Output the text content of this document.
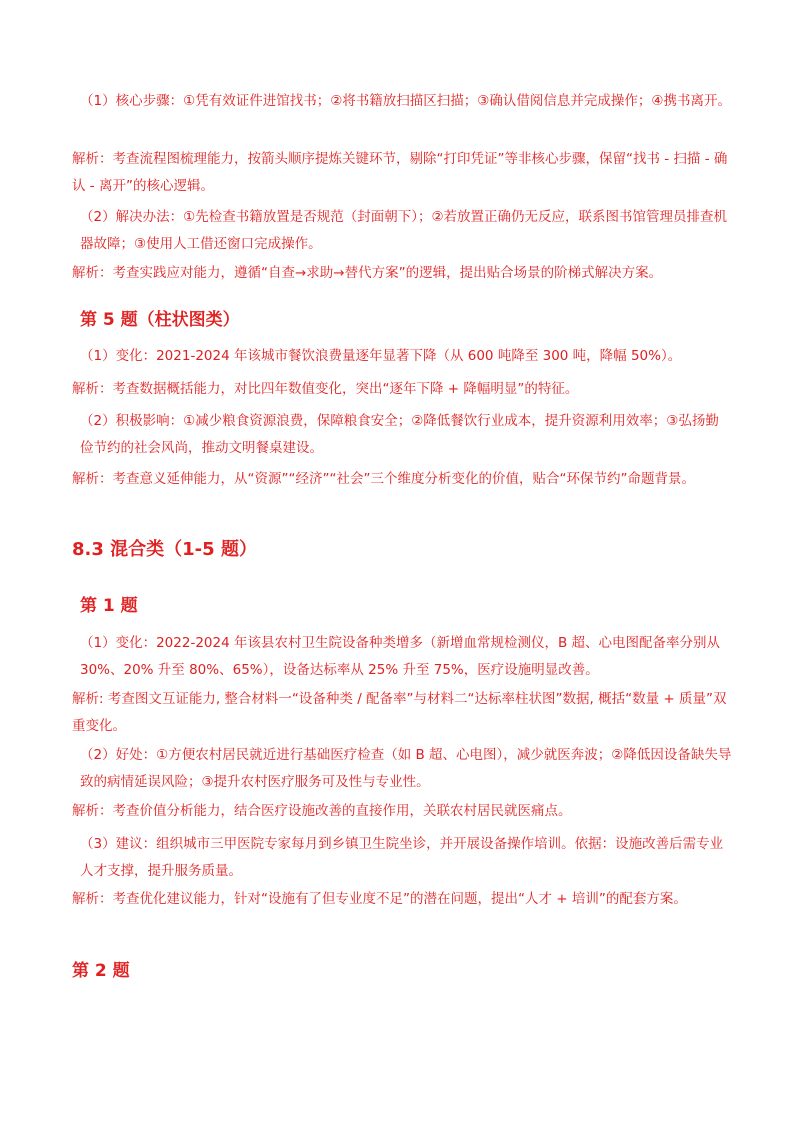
（1）核心步骤：①凭有效证件进馆找书；②将书籍放扫描区扫描；③确认借阅信息并完成操作；④携书离开。

解析：考查流程图梳理能力，按箭头顺序提炼关键环节，剔除“打印凭证”等非核心步骤，保留“找书 - 扫描 - 确认 - 离开”的核心逻辑。

（2）解决办法：①先检查书籍放置是否规范（封面朝下）；②若放置正确仍无反应，联系图书馆管理员排查机器故障；③使用人工借还窗口完成操作。

解析：考查实践应对能力，遵循“自查→求助→替代方案”的逻辑，提出贴合场景的阶梯式解决方案。

第 5 题（柱状图类）

（1）变化：2021-2024 年该城市餐饮浪费量逐年显著下降（从 600 吨降至 300 吨，降幅 50%）。

解析：考查数据概括能力，对比四年数值变化，突出“逐年下降 + 降幅明显”的特征。

（2）积极影响：①减少粮食资源浪费，保障粮食安全；②降低餐饮行业成本，提升资源利用效率；③弘扬勤俭节约的社会风尚，推动文明餐桌建设。

解析：考查意义延伸能力，从“资源”“经济”“社会”三个维度分析变化的价值，贴合“环保节约”命题背景。

8.3 混合类（1-5 题）
第 1 题

（1）变化：2022-2024 年该县农村卫生院设备种类增多（新增血常规检测仪，B 超、心电图配备率分别从 30%、20% 升至 80%、65%），设备达标率从 25% 升至 75%，医疗设施明显改善。

解析: 考查图文互证能力, 整合材料一“设备种类 / 配备率”与材料二“达标率柱状图”数据, 概括“数量 + 质量”双重变化。

（2）好处：①方便农村居民就近进行基础医疗检查（如 B 超、心电图），减少就医奔波；②降低因设备缺失导致的病情延误风险；③提升农村医疗服务可及性与专业性。

解析：考查价值分析能力，结合医疗设施改善的直接作用，关联农村居民就医痛点。

（3）建议：组织城市三甲医院专家每月到乡镇卫生院坐诊，并开展设备操作培训。依据：设施改善后需专业人才支撑，提升服务质量。

解析：考查优化建议能力，针对“设施有了但专业度不足”的潜在问题，提出“人才 + 培训”的配套方案。

第 2 题
